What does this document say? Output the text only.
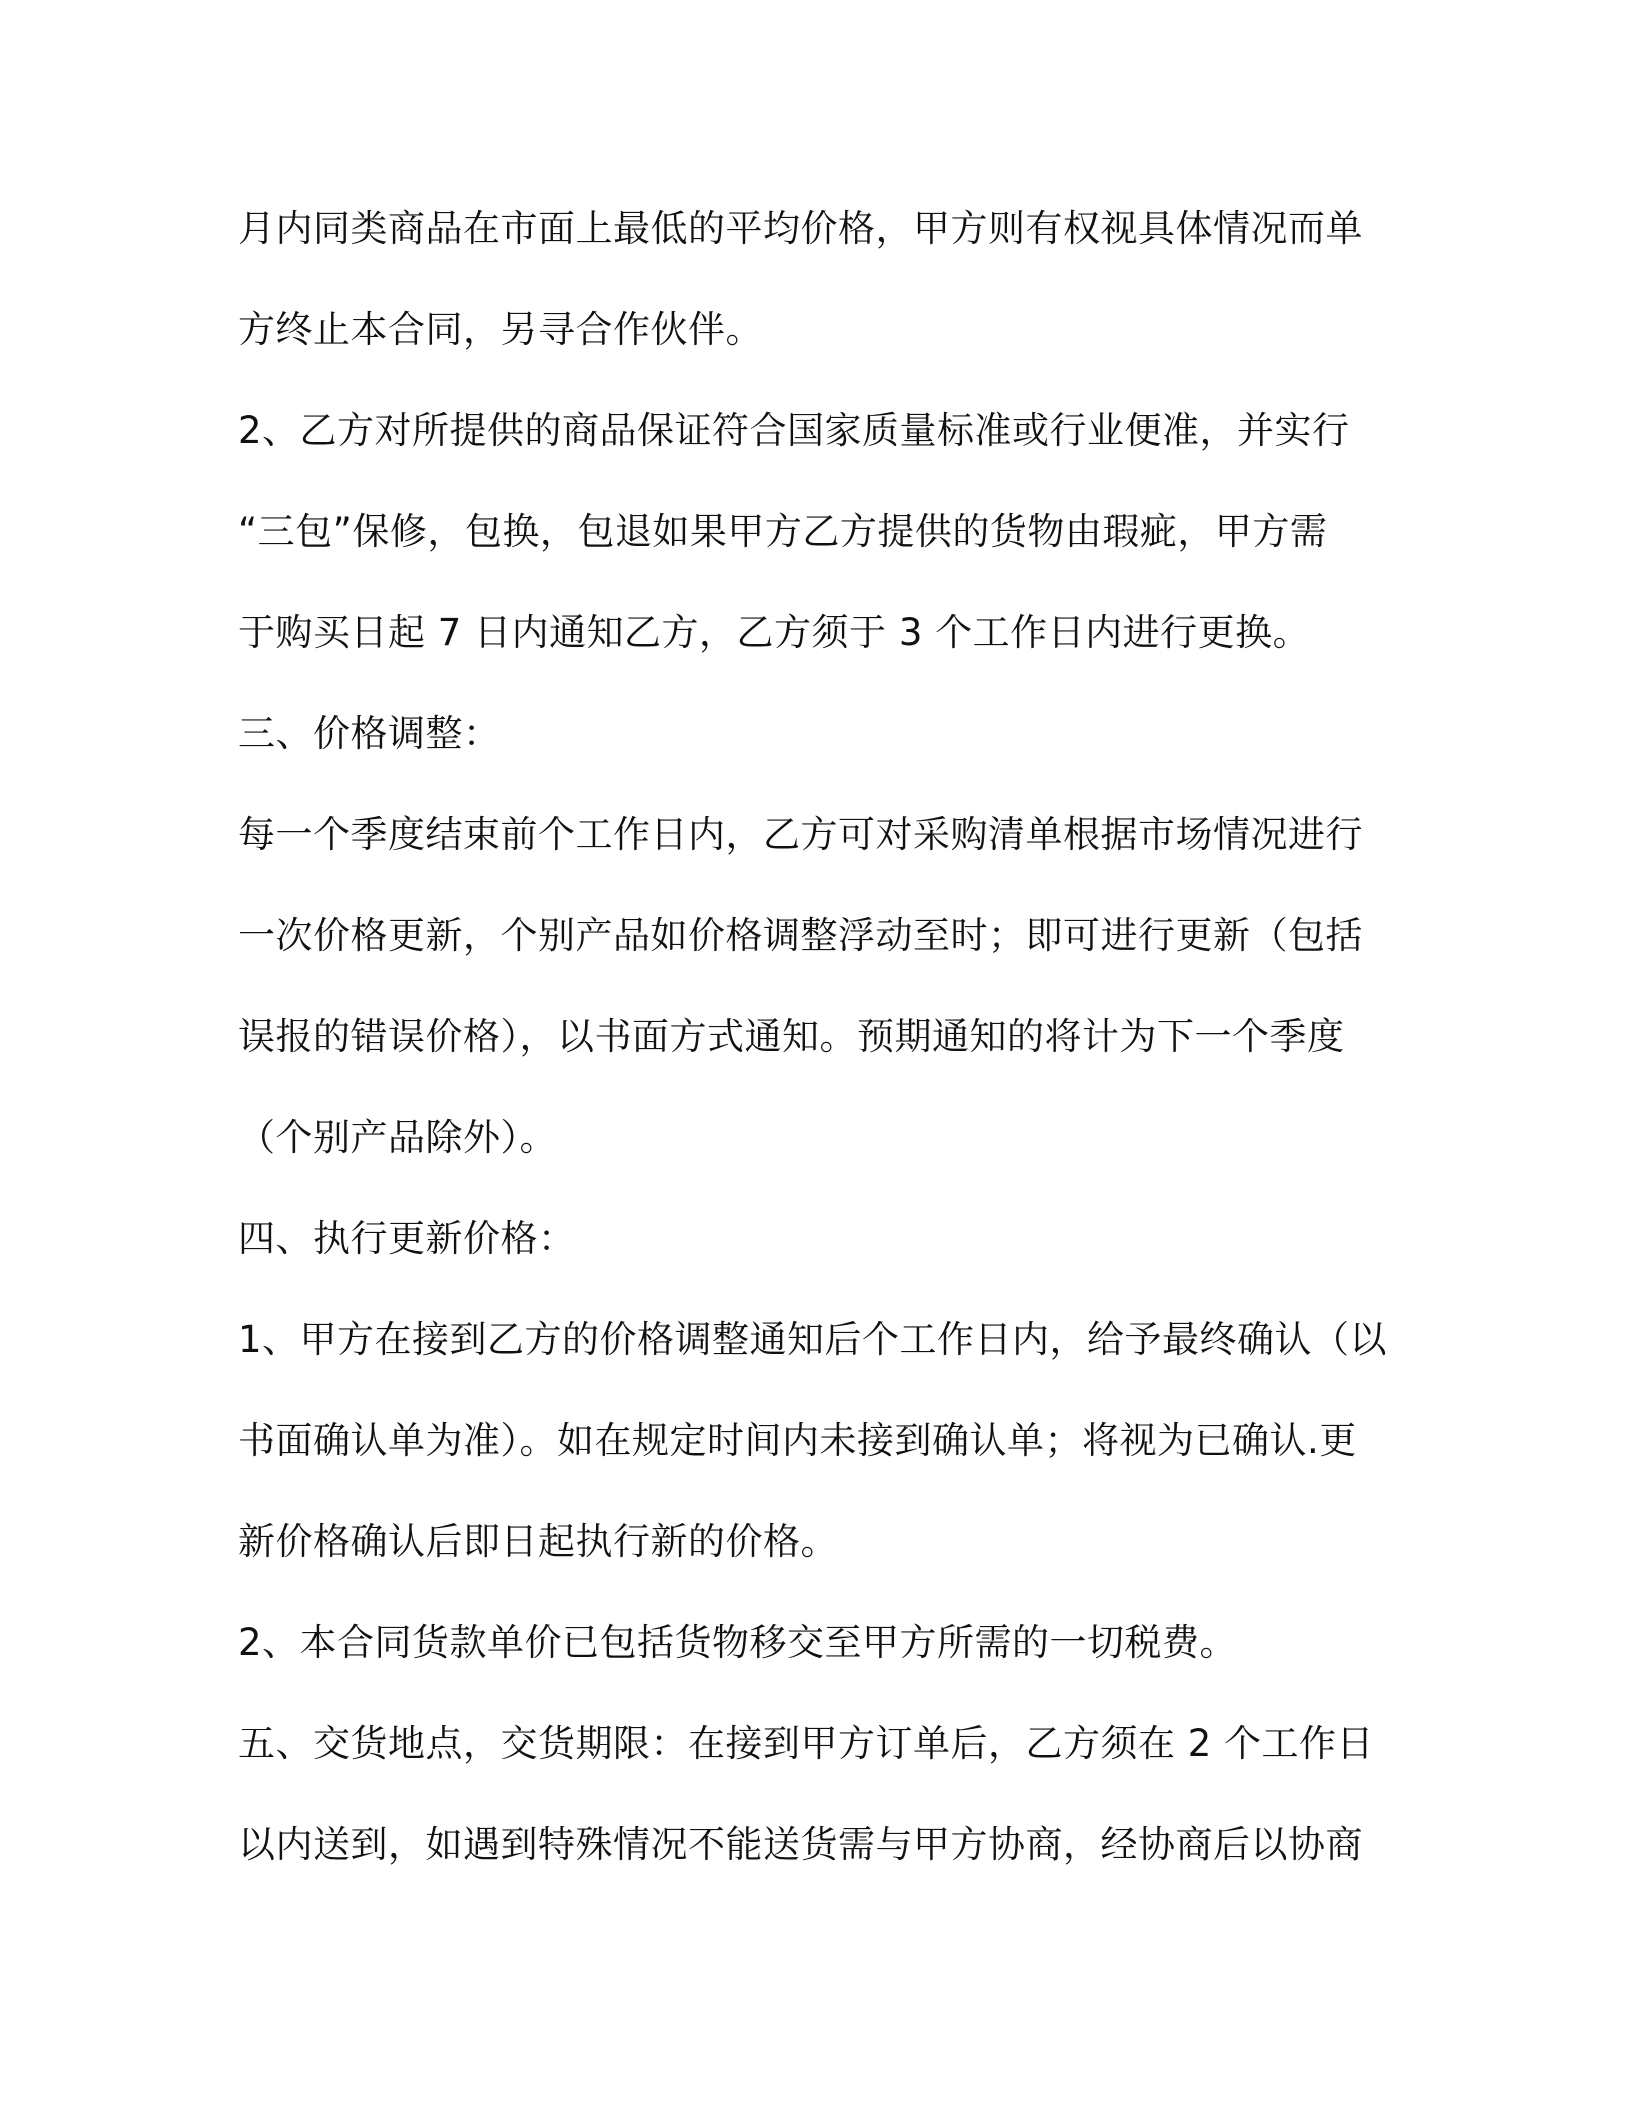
月内同类商品在市面上最低的平均价格，甲方则有权视具体情况而单
方终止本合同，另寻合作伙伴。
2、乙方对所提供的商品保证符合国家质量标准或行业便准，并实行
“三包”保修，包换，包退如果甲方乙方提供的货物由瑕疵，甲方需
于购买日起 7 日内通知乙方，乙方须于 3 个工作日内进行更换。
三、价格调整：
每一个季度结束前个工作日内，乙方可对采购清单根据市场情况进行
一次价格更新，个别产品如价格调整浮动至时；即可进行更新（包括
误报的错误价格），以书面方式通知。预期通知的将计为下一个季度
（个别产品除外）。
四、执行更新价格：
1、甲方在接到乙方的价格调整通知后个工作日内，给予最终确认（以
书面确认单为准）。如在规定时间内未接到确认单；将视为已确认.更
新价格确认后即日起执行新的价格。
2、本合同货款单价已包括货物移交至甲方所需的一切税费。
五、交货地点，交货期限：在接到甲方订单后，乙方须在 2 个工作日
以内送到，如遇到特殊情况不能送货需与甲方协商，经协商后以协商
